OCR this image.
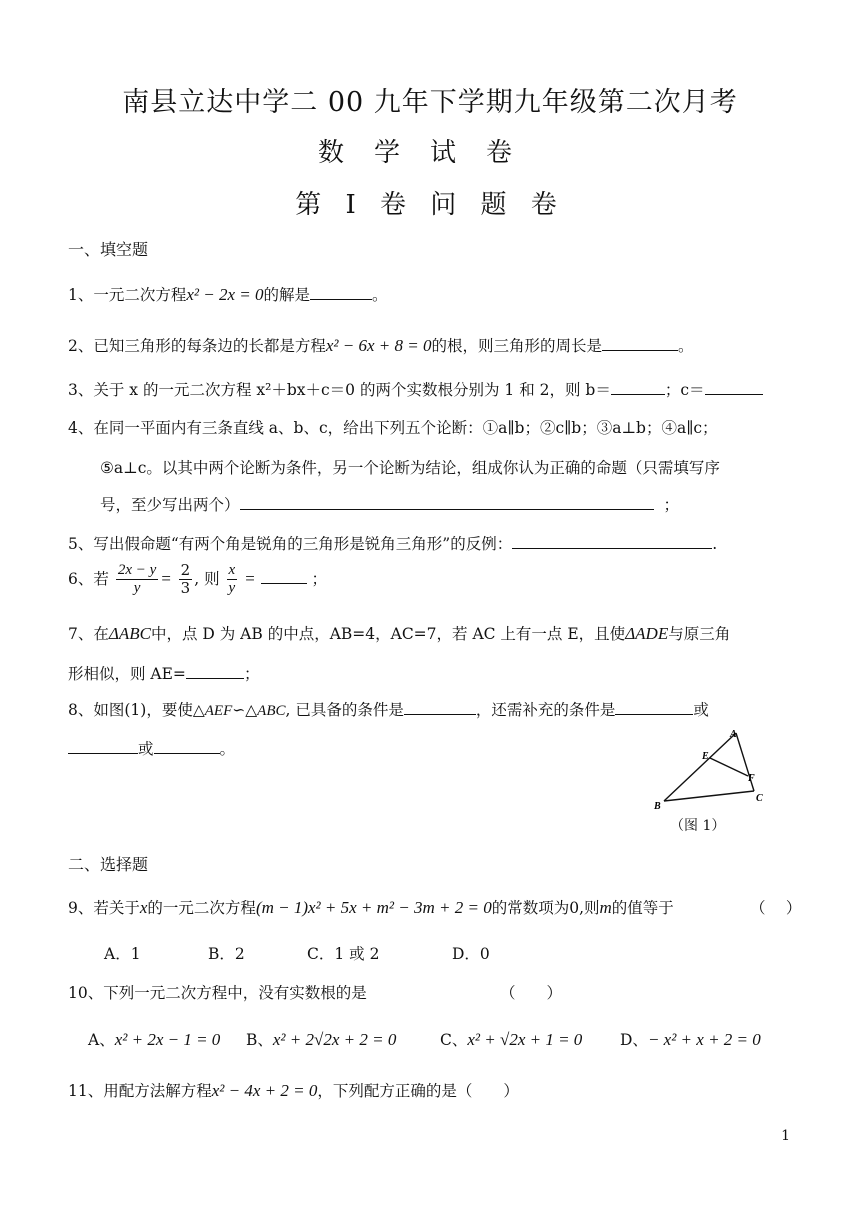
南县立达中学二 00 九年下学期九年级第二次月考
数学试卷
第 I 卷 问 题 卷
一、填空题
1、一元二次方程x² − 2x = 0的解是	。
2、已知三角形的每条边的长都是方程x² − 6x + 8 = 0的根，则三角形的周长是	。
3、关于 x 的一元二次方程 x²＋bx＋c＝0 的两个实数根分别为 1 和 2，则 b＝	；c＝
4、在同一平面内有三条直线 a、b、c，给出下列五个论断：①a∥b；②c∥b；③a⊥b；④a∥c；
⑤a⊥c。以其中两个论断为条件，另一个论断为结论，组成你认为正确的命题（只需填写序
号，至少写出两个）	；
5、写出假命题“有两个角是锐角的三角形是锐角三角形”的反例：	.
6、若 $\frac{2x - y}{y} = \frac{2}{3}$ , 则 $\frac{x}{y}$ =	；
7、在ΔABC中，点 D 为 AB 的中点，AB=4，AC=7，若 AC 上有一点 E，且使ΔADE与原三角
形相似，则 AE=	；
8、如图(1)，要使△AEF∽△ABC, 已具备的条件是	，还需补充的条件是	或
或	。
A
B
C
E
F
（图 1）
二、选择题
9、若关于x的一元二次方程(m − 1)x² + 5x + m² − 3m + 2 = 0的常数项为0,则m的值等于	（　 ）
A．1	B．2	C．1 或 2	D．0
10、下列一元二次方程中，没有实数根的是	（　　）
A、x² + 2x − 1 = 0 B、x² + 2√2x + 2 = 0	C、x² + √2x + 1 = 0 D、− x² + x + 2 = 0
11、用配方法解方程x² − 4x + 2 = 0，下列配方正确的是（　　）
1
